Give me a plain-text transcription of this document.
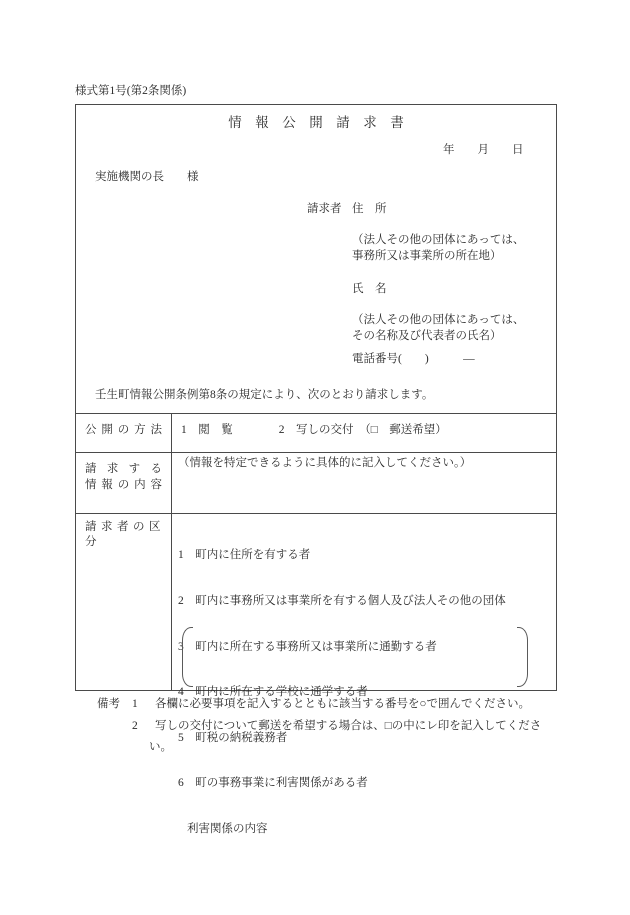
様式第1号(第2条関係)
情　報　公　開　請　求　書
年　　月　　日
実施機関の長　　様
請求者 住　所
（法人その他の団体にあっては、
事務所又は事業所の所在地）
氏　名
（法人その他の団体にあっては、
その名称及び代表者の氏名）
電話番号(　　)　　　―
壬生町情報公開条例第8条の規定により、次のとおり請求します。
公 開 の 方 法	1　閲　覧　　　　2　写しの交付　（□　郵送希望）
請 求 す る
情 報 の 内 容
（情報を特定できるように具体的に記入してください。）
請求者の区分

1　町内に住所を有する者

2　町内に事務所又は事業所を有する個人及び法人その他の団体

3　町内に所在する事務所又は事業所に通勤する者

4　町内に所在する学校に通学する者

5　町税の納税義務者

6　町の事務事業に利害関係がある者

利害関係の内容

備考 1 各欄に必要事項を記入するとともに該当する番号を○で囲んでください。
2 写しの交付について郵送を希望する場合は、□の中にレ印を記入してくださ
い。
